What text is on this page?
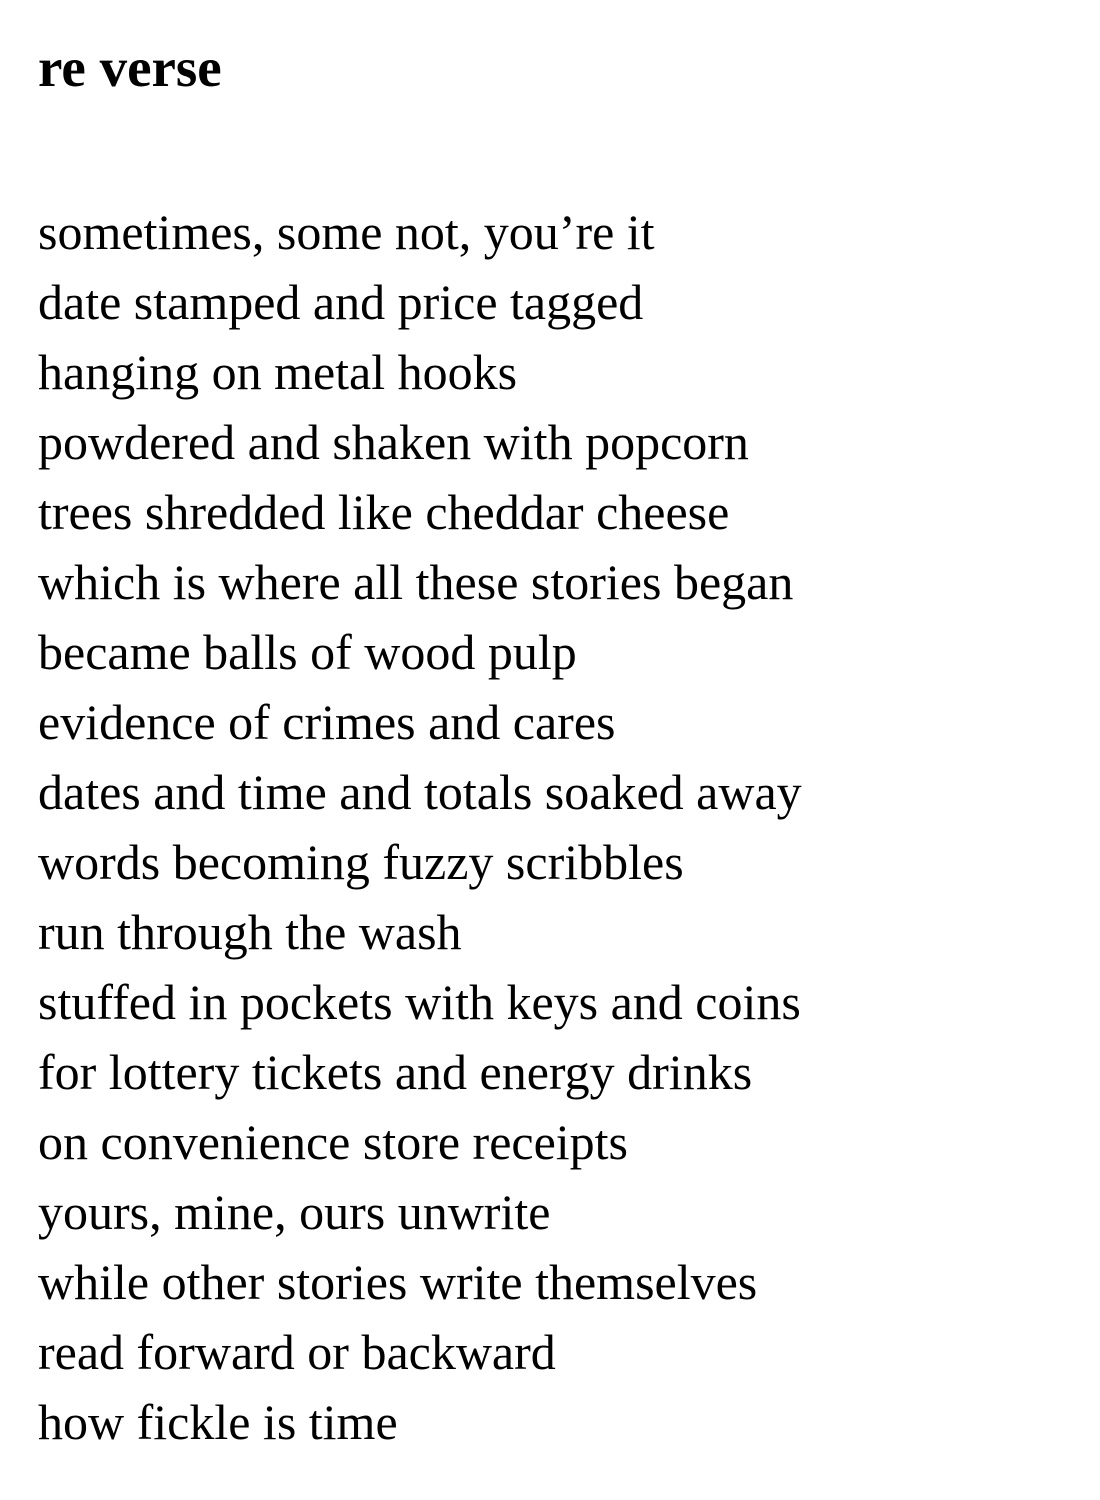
re verse
sometimes, some not, you’re it
date stamped and price tagged
hanging on metal hooks
powdered and shaken with popcorn
trees shredded like cheddar cheese
which is where all these stories began
became balls of wood pulp
evidence of crimes and cares
dates and time and totals soaked away
words becoming fuzzy scribbles
run through the wash
stuffed in pockets with keys and coins
for lottery tickets and energy drinks
on convenience store receipts
yours, mine, ours unwrite
while other stories write themselves
read forward or backward
how fickle is time
